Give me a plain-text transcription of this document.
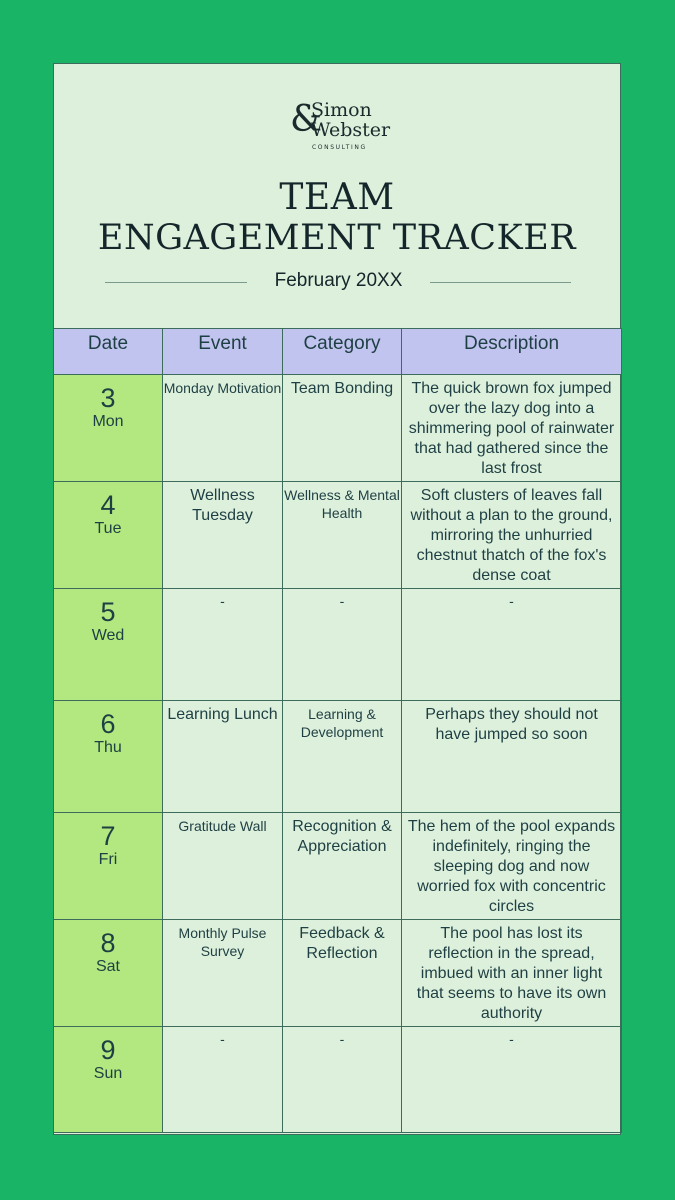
&
Simon
Webster
CONSULTING
TEAM
ENGAGEMENT TRACKER
February 20XX
Date	Event	Category	Description

3
Mon	Monday Motivation	Team Bonding	The quick brown fox jumped over the lazy dog into a shimmering pool of rainwater that had gathered since the last frost

4
Tue	Wellness Tuesday	Wellness & Mental Health	Soft clusters of leaves fall without a plan to the ground, mirroring the unhurried chestnut thatch of the fox's dense coat

5
Wed	-	-	-

6
Thu	Learning Lunch	Learning & Development	Perhaps they should not have jumped so soon

7
Fri	Gratitude Wall	Recognition & Appreciation	The hem of the pool expands indefinitely, ringing the sleeping dog and now worried fox with concentric circles

8
Sat	Monthly Pulse Survey	Feedback & Reflection	The pool has lost its reflection in the spread, imbued with an inner light that seems to have its own authority

9
Sun	-	-	-
